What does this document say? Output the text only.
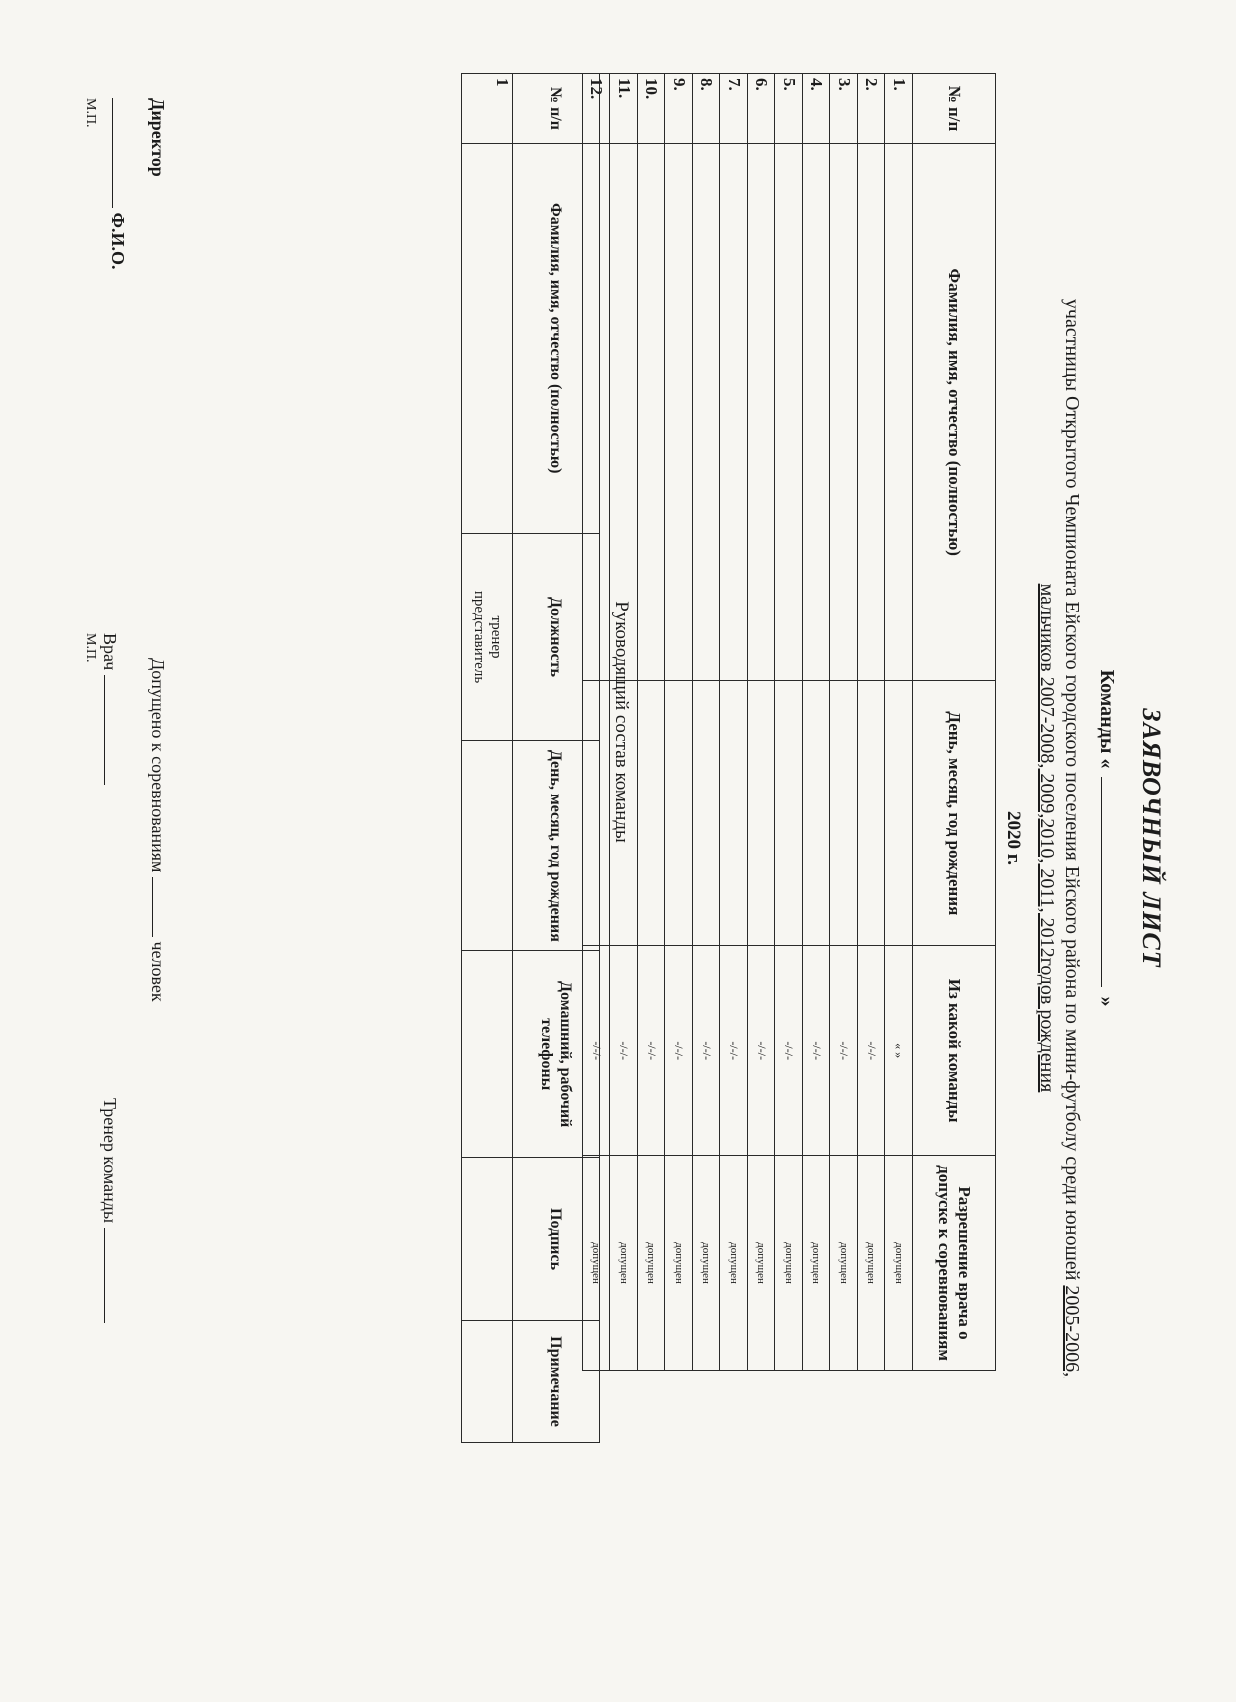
ЗАЯВОЧНЫЙ ЛИСТ
Команды «  »
участницы Открытого Чемпионата Ейского городского поселения Ейского района по мини-футболу среди юношей 2005-2006,
мальчиков 2007-2008, 2009,2010, 2011, 2012годов рождения
2020 г.
№ п/п	Фамилия, имя, отчество (полностью)	День, месяц, год рождения	Из какой команды	Разрешение врача о допуске к соревнованиям
1.			« »	допущен
2.			-/-/-	допущен
3.			-/-/-	допущен
4.			-/-/-	допущен
5.			-/-/-	допущен
6.			-/-/-	допущен
7.			-/-/-	допущен
8.			-/-/-	допущен
9.			-/-/-	допущен
10.			-/-/-	допущен
11.			-/-/-	допущен
12.			-/-/-	допущен
Руководящий состав команды
№ п/п	Фамилия, имя, отчество (полностью)	Должность	День, месяц, год рождения	Домашний, рабочий телефоны	Подпись	Примечание
1		тренер
представитель				

Допущено к соревнованиям  человек
Директор
Ф.И.О.
М.П.
Врач
М.П.
Тренер команды
